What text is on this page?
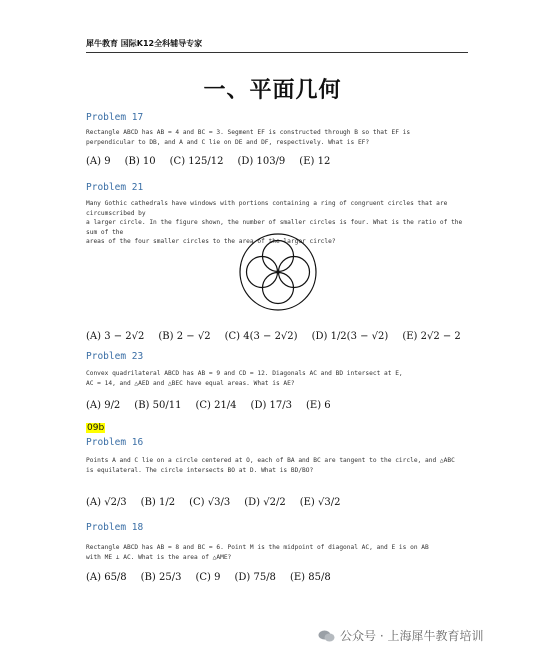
犀牛教育 国际K12全科辅导专家
一、平面几何
Problem 17
Rectangle ABCD has AB = 4 and BC = 3. Segment EF is constructed through B so that EF is
perpendicular to DB, and A and C lie on DE and DF, respectively. What is EF?
(A) 9 (B) 10 (C) 125/12 (D) 103/9 (E) 12
Problem 21
Many Gothic cathedrals have windows with portions containing a ring of congruent circles that are circumscribed by
a larger circle. In the figure shown, the number of smaller circles is four. What is the ratio of the sum of the
areas of the four smaller circles to the area of the larger circle?
(A) 3 − 2√2 (B) 2 − √2 (C) 4(3 − 2√2) (D) 1/2(3 − √2) (E) 2√2 − 2
Problem 23
Convex quadrilateral ABCD has AB = 9 and CD = 12. Diagonals AC and BD intersect at E,
AC = 14, and △AED and △BEC have equal areas. What is AE?
(A) 9/2 (B) 50/11 (C) 21/4 (D) 17/3 (E) 6
09b
Problem 16
Points A and C lie on a circle centered at O, each of BA and BC are tangent to the circle, and △ABC
is equilateral. The circle intersects BO at D. What is BD/BO?
(A) √2/3 (B) 1/2 (C) √3/3 (D) √2/2 (E) √3/2
Problem 18
Rectangle ABCD has AB = 8 and BC = 6. Point M is the midpoint of diagonal AC, and E is on AB
with ME ⊥ AC. What is the area of △AME?
(A) 65/8 (B) 25/3 (C) 9 (D) 75/8 (E) 85/8
公众号 · 上海犀牛教育培训
